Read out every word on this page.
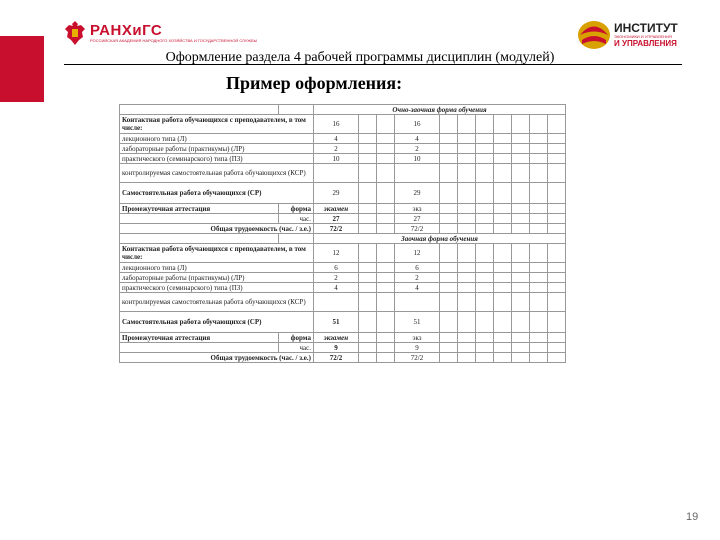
РАНХиГС
РОССИЙСКАЯ АКАДЕМИЯ НАРОДНОГО ХОЗЯЙСТВА И ГОСУДАРСТВЕННОЙ СЛУЖБЫ
ИНСТИТУТ
ЭКОНОМИКИ И УПРАВЛЕНИЯ
И УПРАВЛЕНИЯ
Оформление раздела 4 рабочей программы дисциплин (модулей)
Пример оформления:
		Очно-заочная форма обучения										
Контактная работа обучающихся с преподавателем, в том числе:		16			16							
лекционного типа (Л)		4			4							
лабораторные работы (практикумы) (ЛР)		2			2							
практического (семинарского) типа (ПЗ)		10			10							
контролируемая самостоятельная работа обучающихся (КСР)												
Самостоятельная работа обучающихся (СР)		29			29							
Промежуточная аттестация	форма	экзамен			экз							
	час.	27			27							
Общая трудоемкость (час. / з.е.)		72/2			72/2							
		Заочная форма обучения										
Контактная работа обучающихся с преподавателем, в том числе:		12			12							
лекционного типа (Л)		6			6							
лабораторные работы (практикумы) (ЛР)		2			2							
практического (семинарского) типа (ПЗ)		4			4							
контролируемая самостоятельная работа обучающихся (КСР)												
Самостоятельная работа обучающихся (СР)		51			51							
Промежуточная аттестация	форма	экзамен			экз							
	час.	9			9							
Общая трудоемкость (час. / з.е.)		72/2			72/2							
19
